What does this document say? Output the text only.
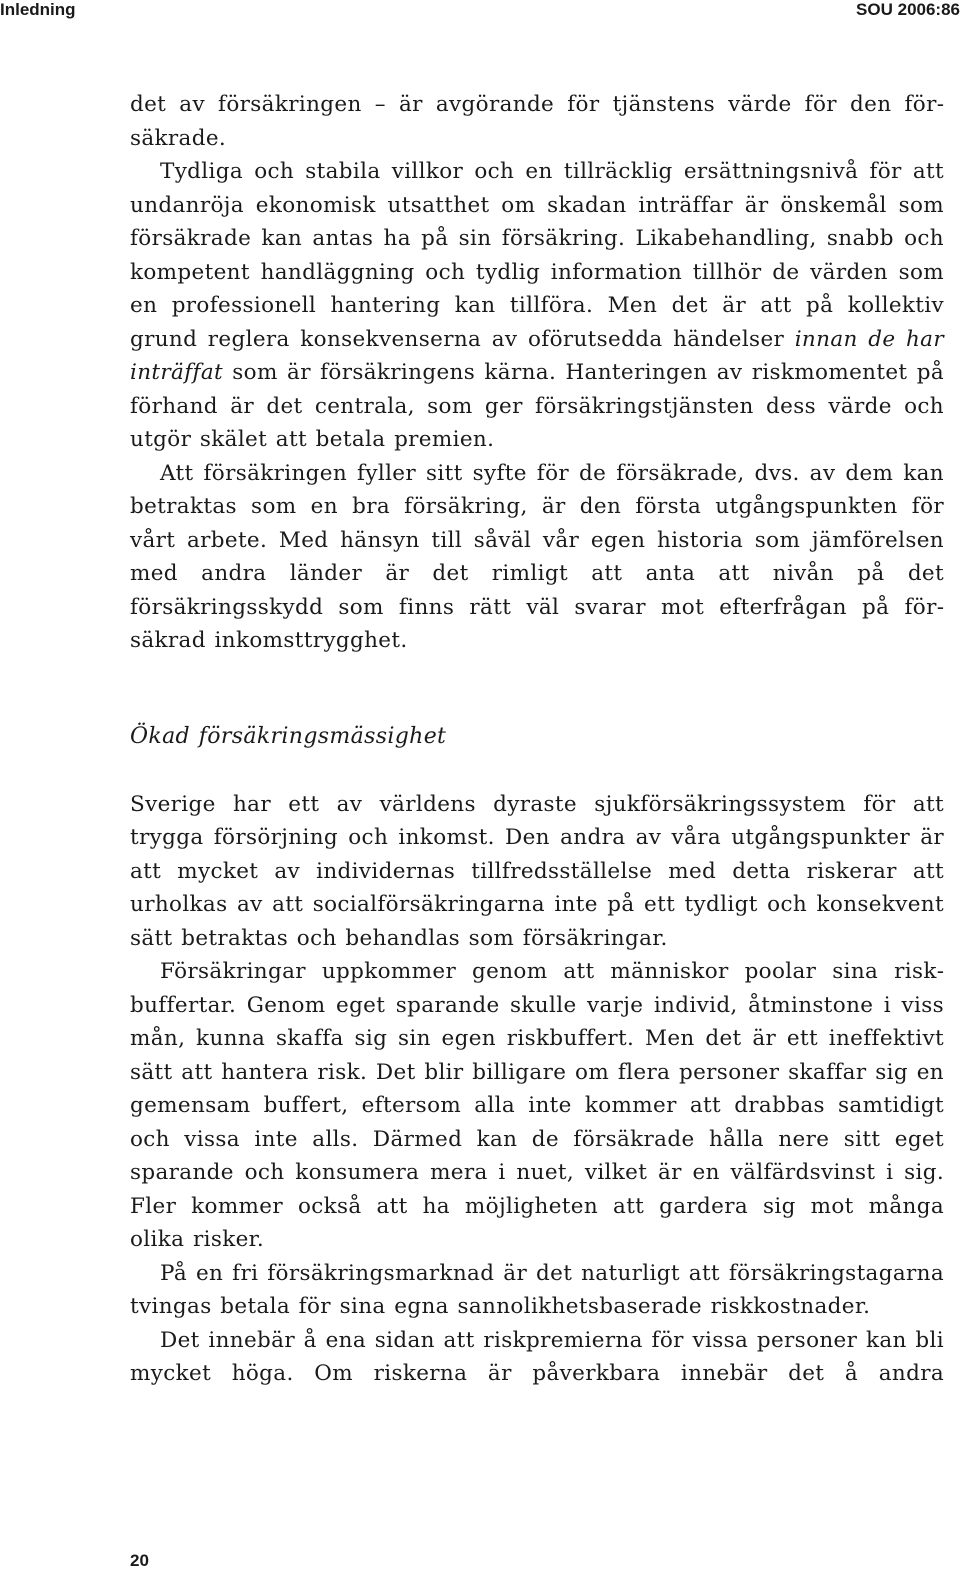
Inledning	SOU 2006:86

det av försäkringen – är avgörande för tjänstens värde för den försäkrade.

Tydliga och stabila villkor och en tillräcklig ersättningsnivå för att undanröja ekonomisk utsatthet om skadan inträffar är önskemål som försäkrade kan antas ha på sin försäkring. Likabehandling, snabb och kompetent handläggning och tydlig information tillhör de värden som en professionell hantering kan tillföra. Men det är att på kollektiv grund reglera konsekvenserna av oförutsedda händelser innan de har inträffat som är försäkringens kärna. Hanteringen av riskmomentet på förhand är det centrala, som ger försäkringstjänsten dess värde och utgör skälet att betala premien.

Att försäkringen fyller sitt syfte för de försäkrade, dvs. av dem kan betraktas som en bra försäkring, är den första utgångspunkten för vårt arbete. Med hänsyn till såväl vår egen historia som jämförelsen med andra länder är det rimligt att anta att nivån på det försäkringsskydd som finns rätt väl svarar mot efterfrågan på försäkrad inkomsttrygghet.

Ökad försäkringsmässighet

Sverige har ett av världens dyraste sjukförsäkringssystem för att trygga försörjning och inkomst. Den andra av våra utgångspunkter är att mycket av individernas tillfredsställelse med detta riskerar att urholkas av att socialförsäkringarna inte på ett tydligt och konsekvent sätt betraktas och behandlas som försäkringar.

Försäkringar uppkommer genom att människor poolar sina riskbuffertar. Genom eget sparande skulle varje individ, åtminstone i viss mån, kunna skaffa sig sin egen riskbuffert. Men det är ett ineffektivt sätt att hantera risk. Det blir billigare om flera personer skaffar sig en gemensam buffert, eftersom alla inte kommer att drabbas samtidigt och vissa inte alls. Därmed kan de försäkrade hålla nere sitt eget sparande och konsumera mera i nuet, vilket är en välfärdsvinst i sig. Fler kommer också att ha möjligheten att gardera sig mot många olika risker.

På en fri försäkringsmarknad är det naturligt att försäkringstagarna tvingas betala för sina egna sannolikhetsbaserade riskkostnader.

Det innebär å ena sidan att riskpremierna för vissa personer kan bli mycket höga. Om riskerna är påverkbara innebär det å andra

20
